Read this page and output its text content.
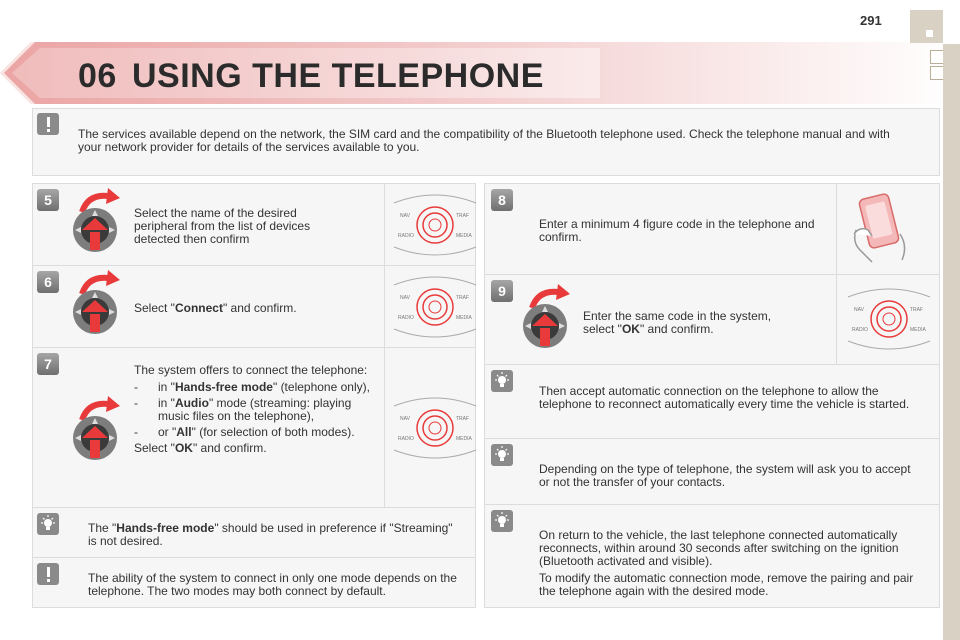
06 USING THE TELEPHONE
291
The services available depend on the network, the SIM card and the compatibility of the Bluetooth telephone used. Check the telephone manual and with your network provider for details of the services available to you.
5
Select the name of the desired peripheral from the list of devices detected then confirm
NAV	TRAF
RADIO	MEDIA
6
Select "Connect" and confirm.
NAV	TRAF
RADIO	MEDIA
7	The system offers to connect the telephone:
- in "Hands-free mode" (telephone only),
- in "Audio" mode (streaming: playing music files on the telephone),
- or "All" (for selection of both modes).
Select "OK" and confirm.
NAV	TRAF
RADIO	MEDIA
The "Hands-free mode" should be used in preference if "Streaming" is not desired.
The ability of the system to connect in only one mode depends on the telephone. The two modes may both connect by default.
8
Enter a minimum 4 figure code in the telephone and confirm.
9
Enter the same code in the system,
select "OK" and confirm.
NAV	TRAF
RADIO	MEDIA
Then accept automatic connection on the telephone to allow the telephone to reconnect automatically every time the vehicle is started.
Depending on the type of telephone, the system will ask you to accept or not the transfer of your contacts.
On return to the vehicle, the last telephone connected automatically reconnects, within around 30 seconds after switching on the ignition (Bluetooth activated and visible).
To modify the automatic connection mode, remove the pairing and pair the telephone again with the desired mode.
